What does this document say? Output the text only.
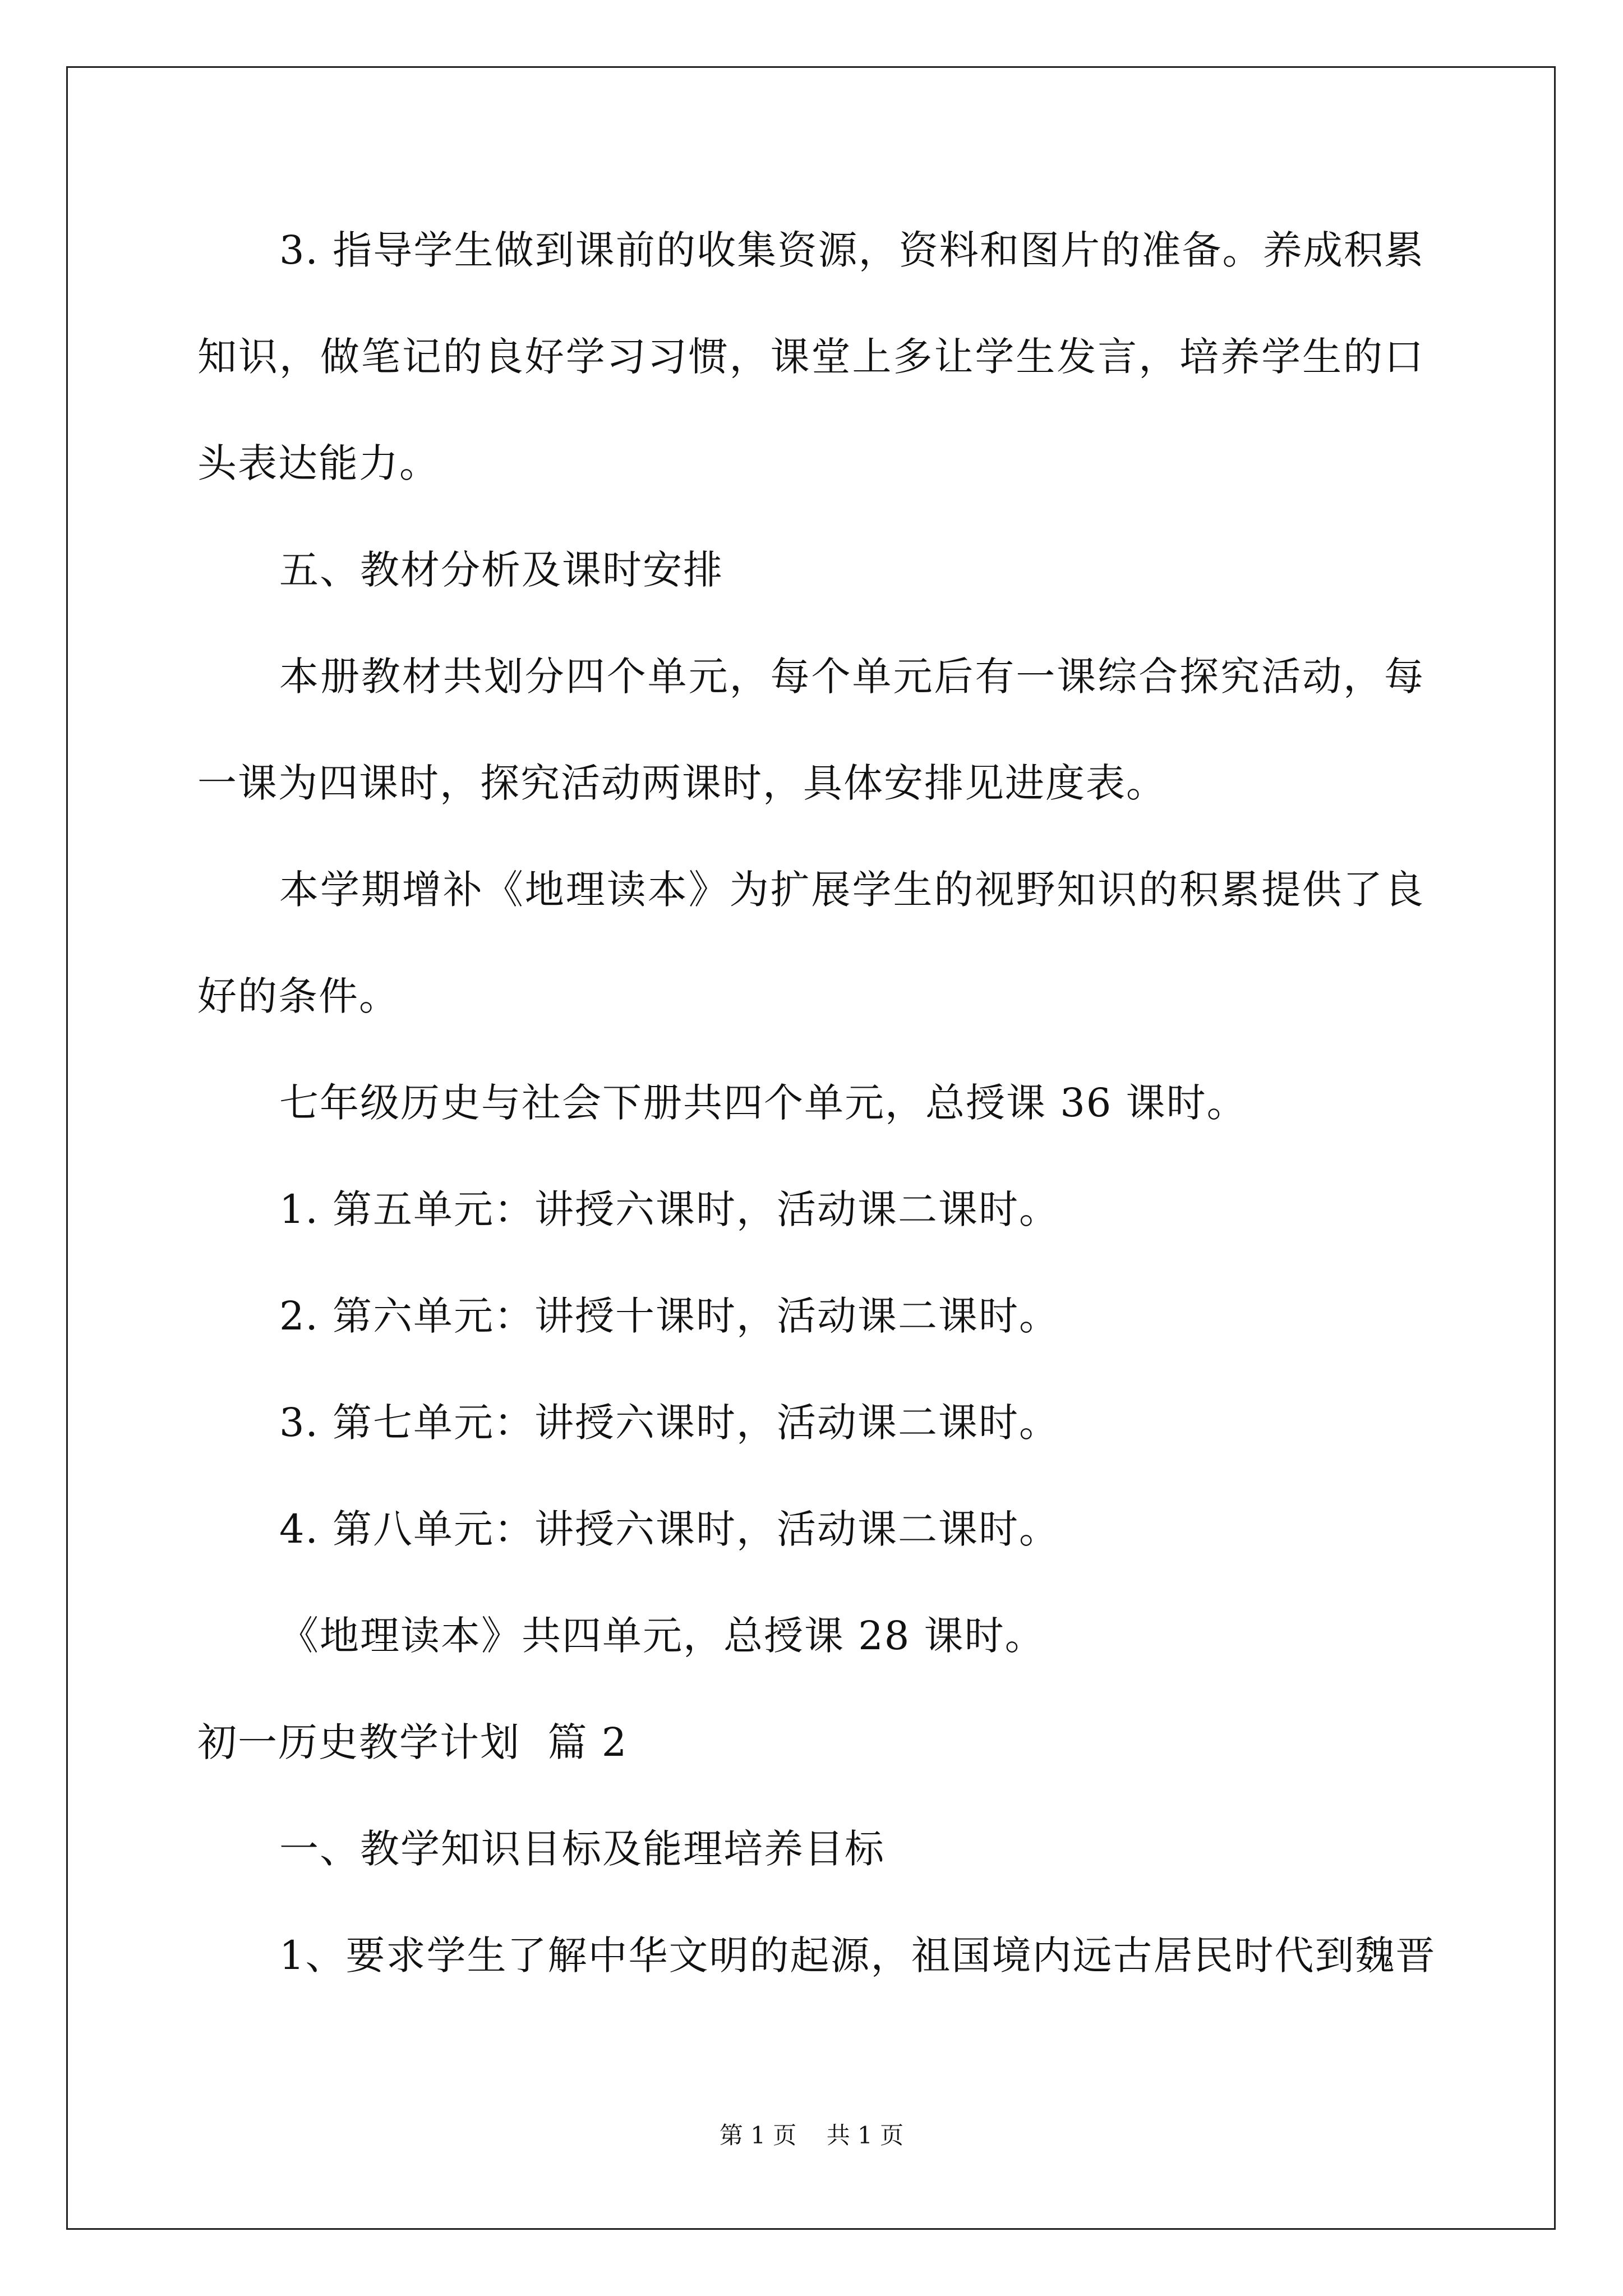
3. 指导学生做到课前的收集资源，资料和图片的准备。养成积累
知识，做笔记的良好学习习惯，课堂上多让学生发言，培养学生的口
头表达能力。
五、教材分析及课时安排
本册教材共划分四个单元，每个单元后有一课综合探究活动，每
一课为四课时，探究活动两课时，具体安排见进度表。
本学期增补《地理读本》为扩展学生的视野知识的积累提供了良
好的条件。
七年级历史与社会下册共四个单元，总授课 36 课时。
1. 第五单元：讲授六课时，活动课二课时。
2. 第六单元：讲授十课时，活动课二课时。
3. 第七单元：讲授六课时，活动课二课时。
4. 第八单元：讲授六课时，活动课二课时。
《地理读本》共四单元，总授课 28 课时。
初一历史教学计划  篇 2
一、教学知识目标及能理培养目标
1、要求学生了解中华文明的起源，祖国境内远古居民时代到魏晋
第 1 页    共 1 页
